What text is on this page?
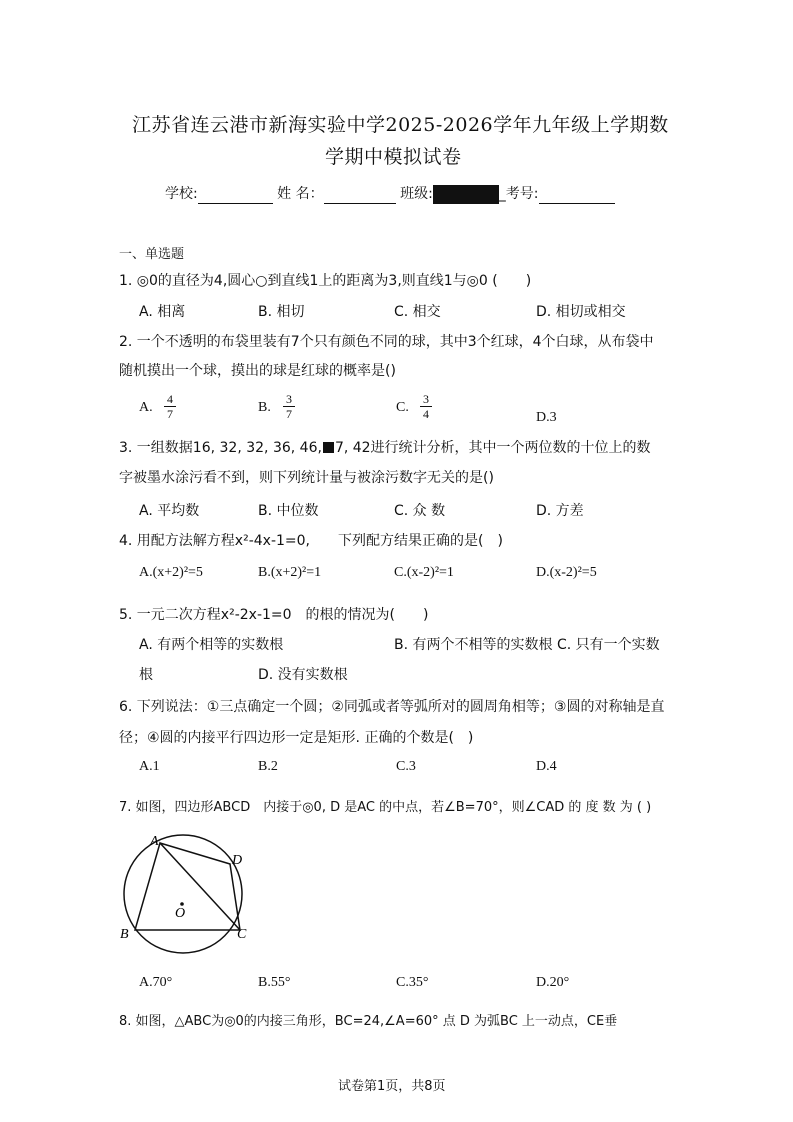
江苏省连云港市新海实验中学2025-2026学年九年级上学期数
学期中模拟试卷
学校:	姓 名：	班级:	_考号:
一、单选题
1. ◎0的直径为4,圆心○到直线1上的距离为3,则直线1与◎0 (　　)
A. 相离	B. 相切	C. 相交	D. 相切或相交
2. 一个不透明的布袋里装有7个只有颜色不同的球，其中3个红球，4个白球，从布袋中
随机摸出一个球，摸出的球是红球的概率是()
A. $\frac{4}{7}$	B. $\frac{3}{7}$	C. $\frac{3}{4}$	D.3
3. 一组数据16, 32, 32, 36, 46, 7, 42进行统计分析，其中一个两位数的十位上的数
字被墨水涂污看不到，则下列统计量与被涂污数字无关的是()
A. 平均数	B. 中位数	C. 众 数	D. 方差
4. 用配方法解方程x²-4x-1=0,　　下列配方结果正确的是(　)
A.(x+2)²=5	B.(x+2)²=1	C.(x-2)²=1	D.(x-2)²=5
5. 一元二次方程x²-2x-1=0　的根的情况为(　　)
A. 有两个相等的实数根	B. 有两个不相等的实数根 C. 只有一个实数
根	D. 没有实数根
6. 下列说法：①三点确定一个圆；②同弧或者等弧所对的圆周角相等；③圆的对称轴是直
径；④圆的内接平行四边形一定是矩形. 正确的个数是(　)
A.1	B.2	C.3	D.4
7. 如图，四边形ABCD　内接于◎0, D 是AC 的中点，若∠B=70°，则∠CAD 的 度 数 为 ( )
A
D
B	C
O
A.70°	B.55°	C.35°	D.20°
8. 如图，△ABC为◎0的内接三角形，BC=24,∠A=60° 点 D 为弧BC 上一动点，CE垂
试卷第1页，共8页
